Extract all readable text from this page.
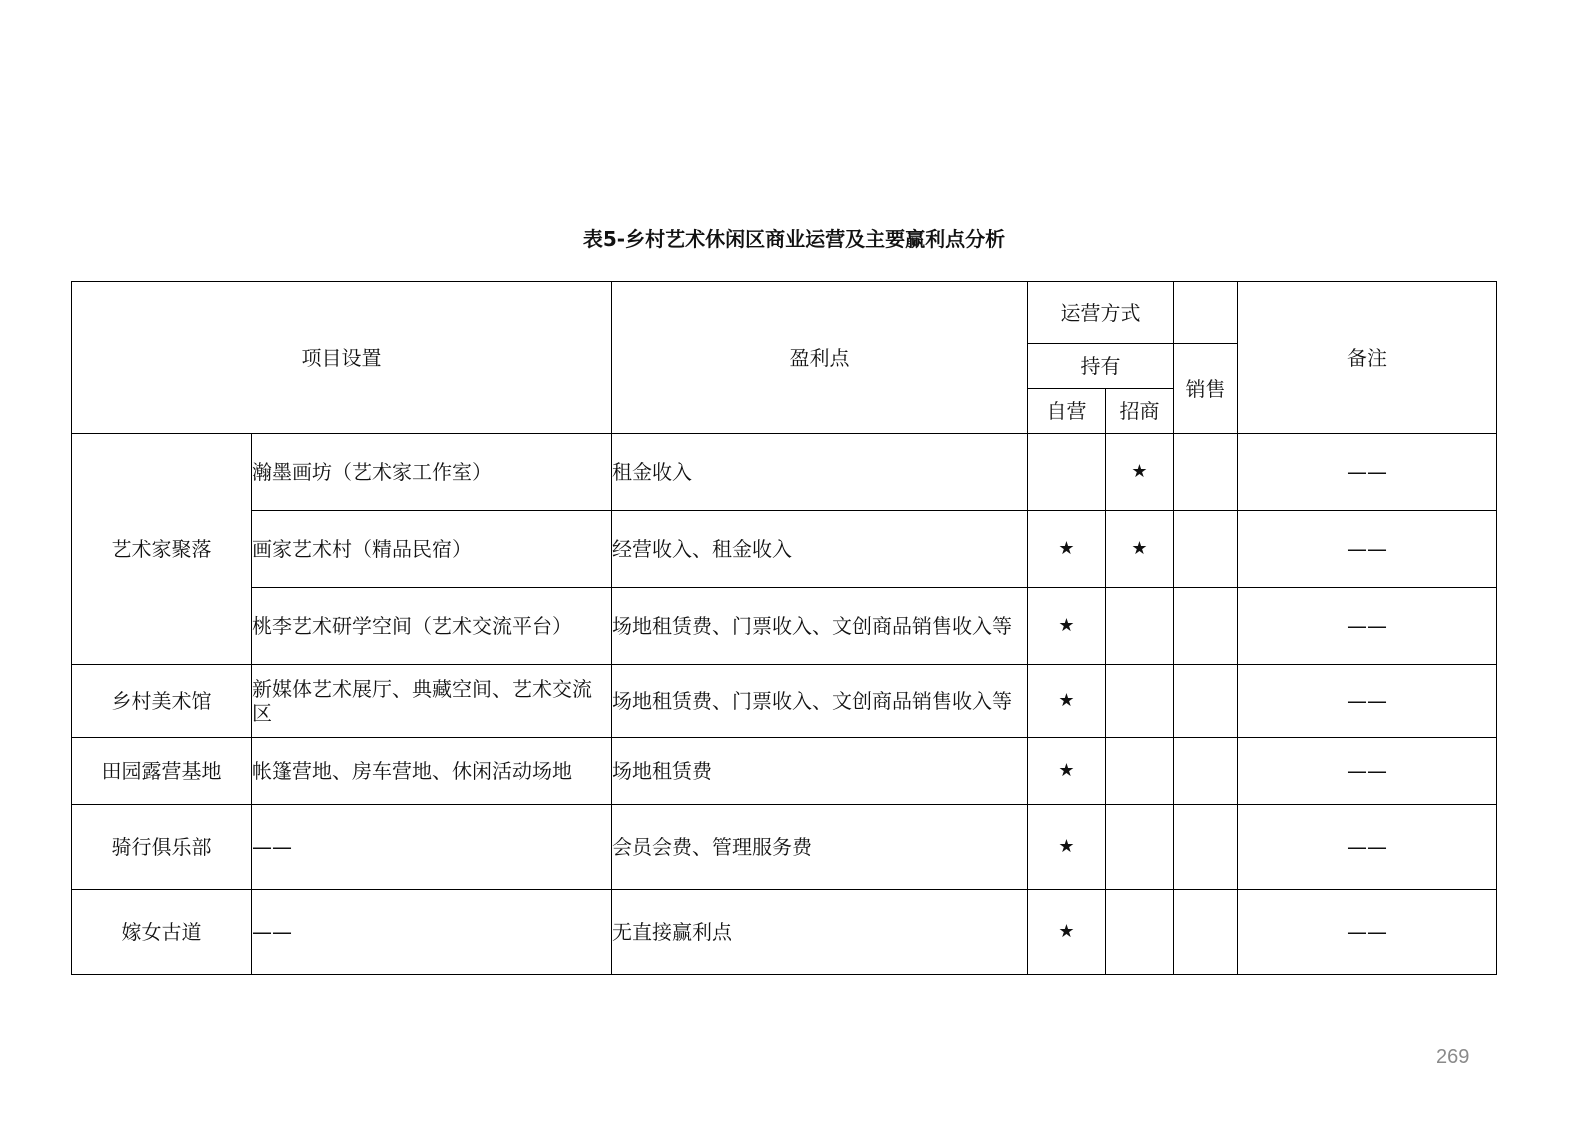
表5-乡村艺术休闲区商业运营及主要赢利点分析
项目设置		盈利点	运营方式			备注
			持有		销售	
			自营	招商		
艺术家聚落	瀚墨画坊（艺术家工作室）	租金收入		★		——
	画家艺术村（精品民宿）	经营收入、租金收入	★	★		——
	桃李艺术研学空间（艺术交流平台）	场地租赁费、门票收入、文创商品销售收入等	★			——
乡村美术馆	新媒体艺术展厅、典藏空间、艺术交流区	场地租赁费、门票收入、文创商品销售收入等	★			——
田园露营基地	帐篷营地、房车营地、休闲活动场地	场地租赁费	★			——
骑行俱乐部	——	会员会费、管理服务费	★			——
嫁女古道	——	无直接赢利点	★			——
269
